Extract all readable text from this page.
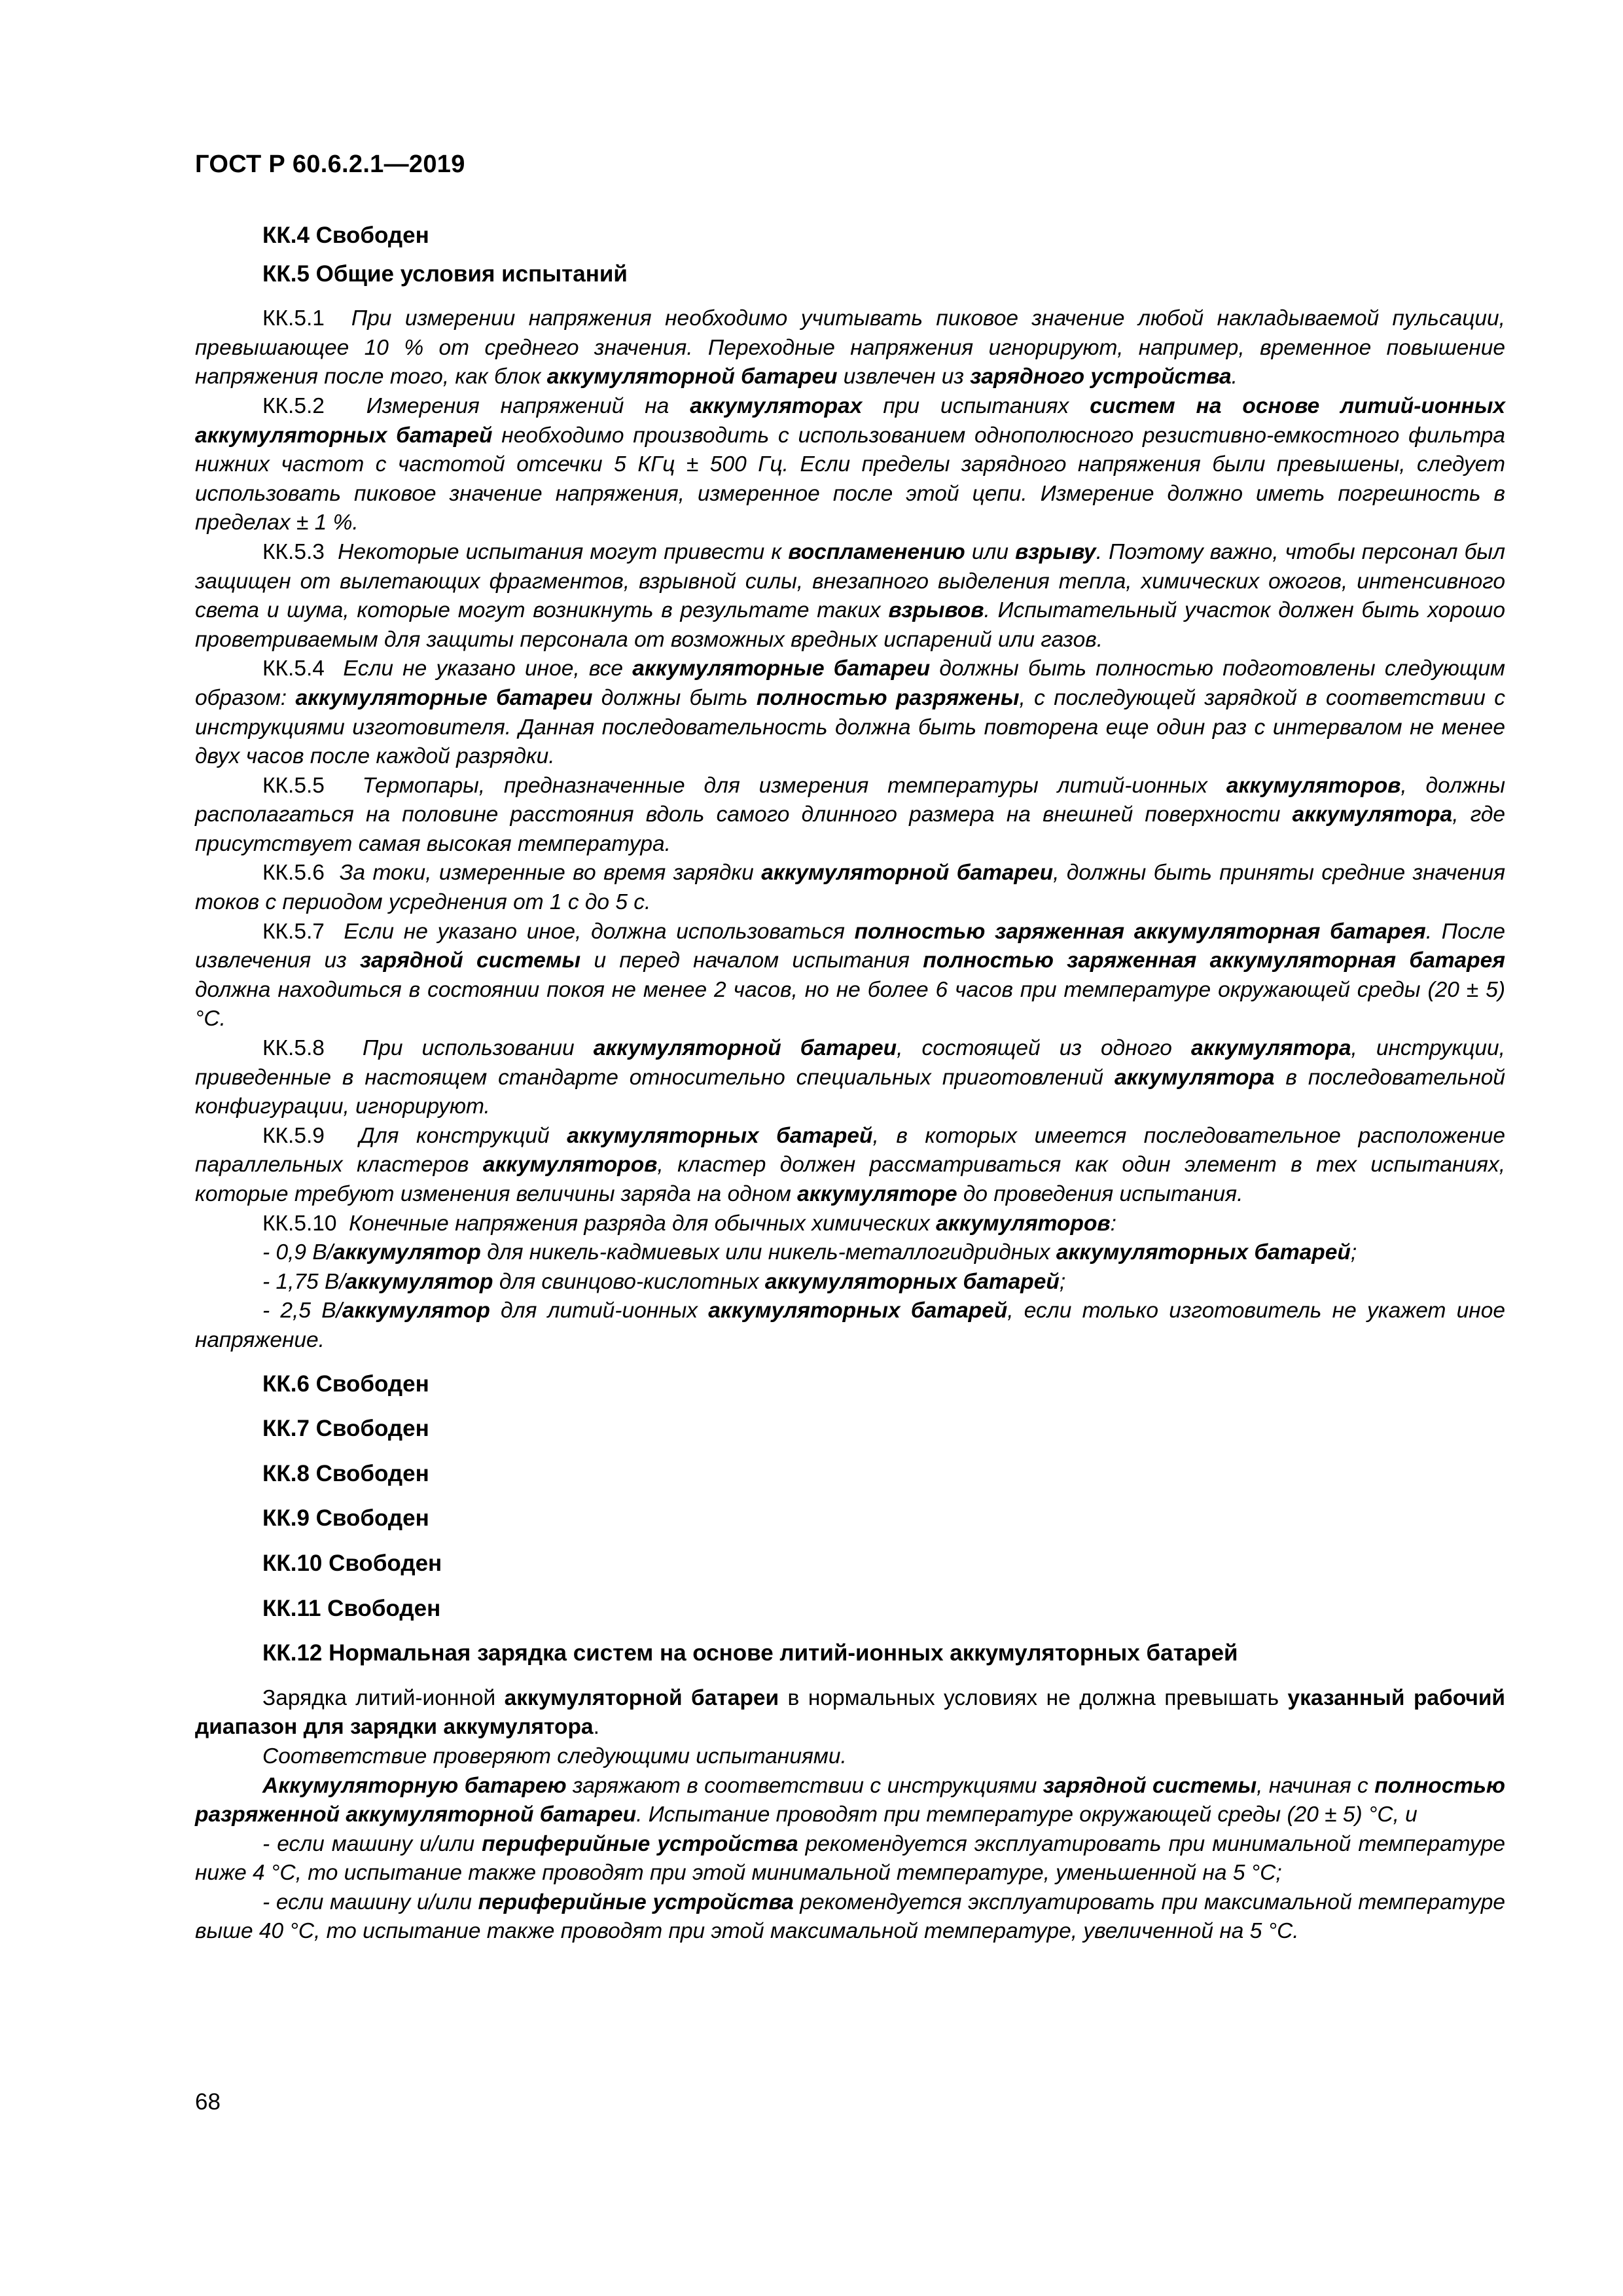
ГОСТ Р 60.6.2.1—2019
КК.4 Свободен
КК.5 Общие условия испытаний
КК.5.1 При измерении напряжения необходимо учитывать пиковое значение любой накладываемой пульсации, превышающее 10 % от среднего значения. Переходные напряжения игнорируют, например, временное повышение напряжения после того, как блок аккумуляторной батареи извлечен из зарядного устройства.
КК.5.2 Измерения напряжений на аккумуляторах при испытаниях систем на основе литий-ионных аккумуляторных батарей необходимо производить с использованием однополюсного резистивно-емкостного фильтра нижних частот с частотой отсечки 5 КГц ± 500 Гц. Если пределы зарядного напряжения были превышены, следует использовать пиковое значение напряжения, измеренное после этой цепи. Измерение должно иметь погрешность в пределах ± 1 %.
КК.5.3 Некоторые испытания могут привести к воспламенению или взрыву. Поэтому важно, чтобы персонал был защищен от вылетающих фрагментов, взрывной силы, внезапного выделения тепла, химических ожогов, интенсивного света и шума, которые могут возникнуть в результате таких взрывов. Испытательный участок должен быть хорошо проветриваемым для защиты персонала от возможных вредных испарений или газов.
КК.5.4 Если не указано иное, все аккумуляторные батареи должны быть полностью подготовлены следующим образом: аккумуляторные батареи должны быть полностью разряжены, с последующей зарядкой в соответствии с инструкциями изготовителя. Данная последовательность должна быть повторена еще один раз с интервалом не менее двух часов после каждой разрядки.
КК.5.5 Термопары, предназначенные для измерения температуры литий-ионных аккумуляторов, должны располагаться на половине расстояния вдоль самого длинного размера на внешней поверхности аккумулятора, где присутствует самая высокая температура.
КК.5.6 За токи, измеренные во время зарядки аккумуляторной батареи, должны быть приняты средние значения токов с периодом усреднения от 1 с до 5 с.
КК.5.7 Если не указано иное, должна использоваться полностью заряженная аккумуляторная батарея. После извлечения из зарядной системы и перед началом испытания полностью заряженная аккумуляторная батарея должна находиться в состоянии покоя не менее 2 часов, но не более 6 часов при температуре окружающей среды (20 ± 5) °С.
КК.5.8 При использовании аккумуляторной батареи, состоящей из одного аккумулятора, инструкции, приведенные в настоящем стандарте относительно специальных приготовлений аккумулятора в последовательной конфигурации, игнорируют.
КК.5.9 Для конструкций аккумуляторных батарей, в которых имеется последовательное расположение параллельных кластеров аккумуляторов, кластер должен рассматриваться как один элемент в тех испытаниях, которые требуют изменения величины заряда на одном аккумуляторе до проведения испытания.
КК.5.10 Конечные напряжения разряда для обычных химических аккумуляторов:
- 0,9 В/аккумулятор для никель-кадмиевых или никель-металлогидридных аккумуляторных батарей;
- 1,75 В/аккумулятор для свинцово-кислотных аккумуляторных батарей;
- 2,5 В/аккумулятор для литий-ионных аккумуляторных батарей, если только изготовитель не укажет иное напряжение.
КК.6 Свободен
КК.7 Свободен
КК.8 Свободен
КК.9 Свободен
КК.10 Свободен
КК.11 Свободен
КК.12 Нормальная зарядка систем на основе литий-ионных аккумуляторных батарей
Зарядка литий-ионной аккумуляторной батареи в нормальных условиях не должна превышать указанный рабочий диапазон для зарядки аккумулятора.
Соответствие проверяют следующими испытаниями.
Аккумуляторную батарею заряжают в соответствии с инструкциями зарядной системы, начиная с полностью разряженной аккумуляторной батареи. Испытание проводят при температуре окружающей среды (20 ± 5) °С, и
- если машину и/или периферийные устройства рекомендуется эксплуатировать при минимальной температуре ниже 4 °С, то испытание также проводят при этой минимальной температуре, уменьшенной на 5 °С;
- если машину и/или периферийные устройства рекомендуется эксплуатировать при максимальной температуре выше 40 °С, то испытание также проводят при этой максимальной температуре, увеличенной на 5 °С.
68
